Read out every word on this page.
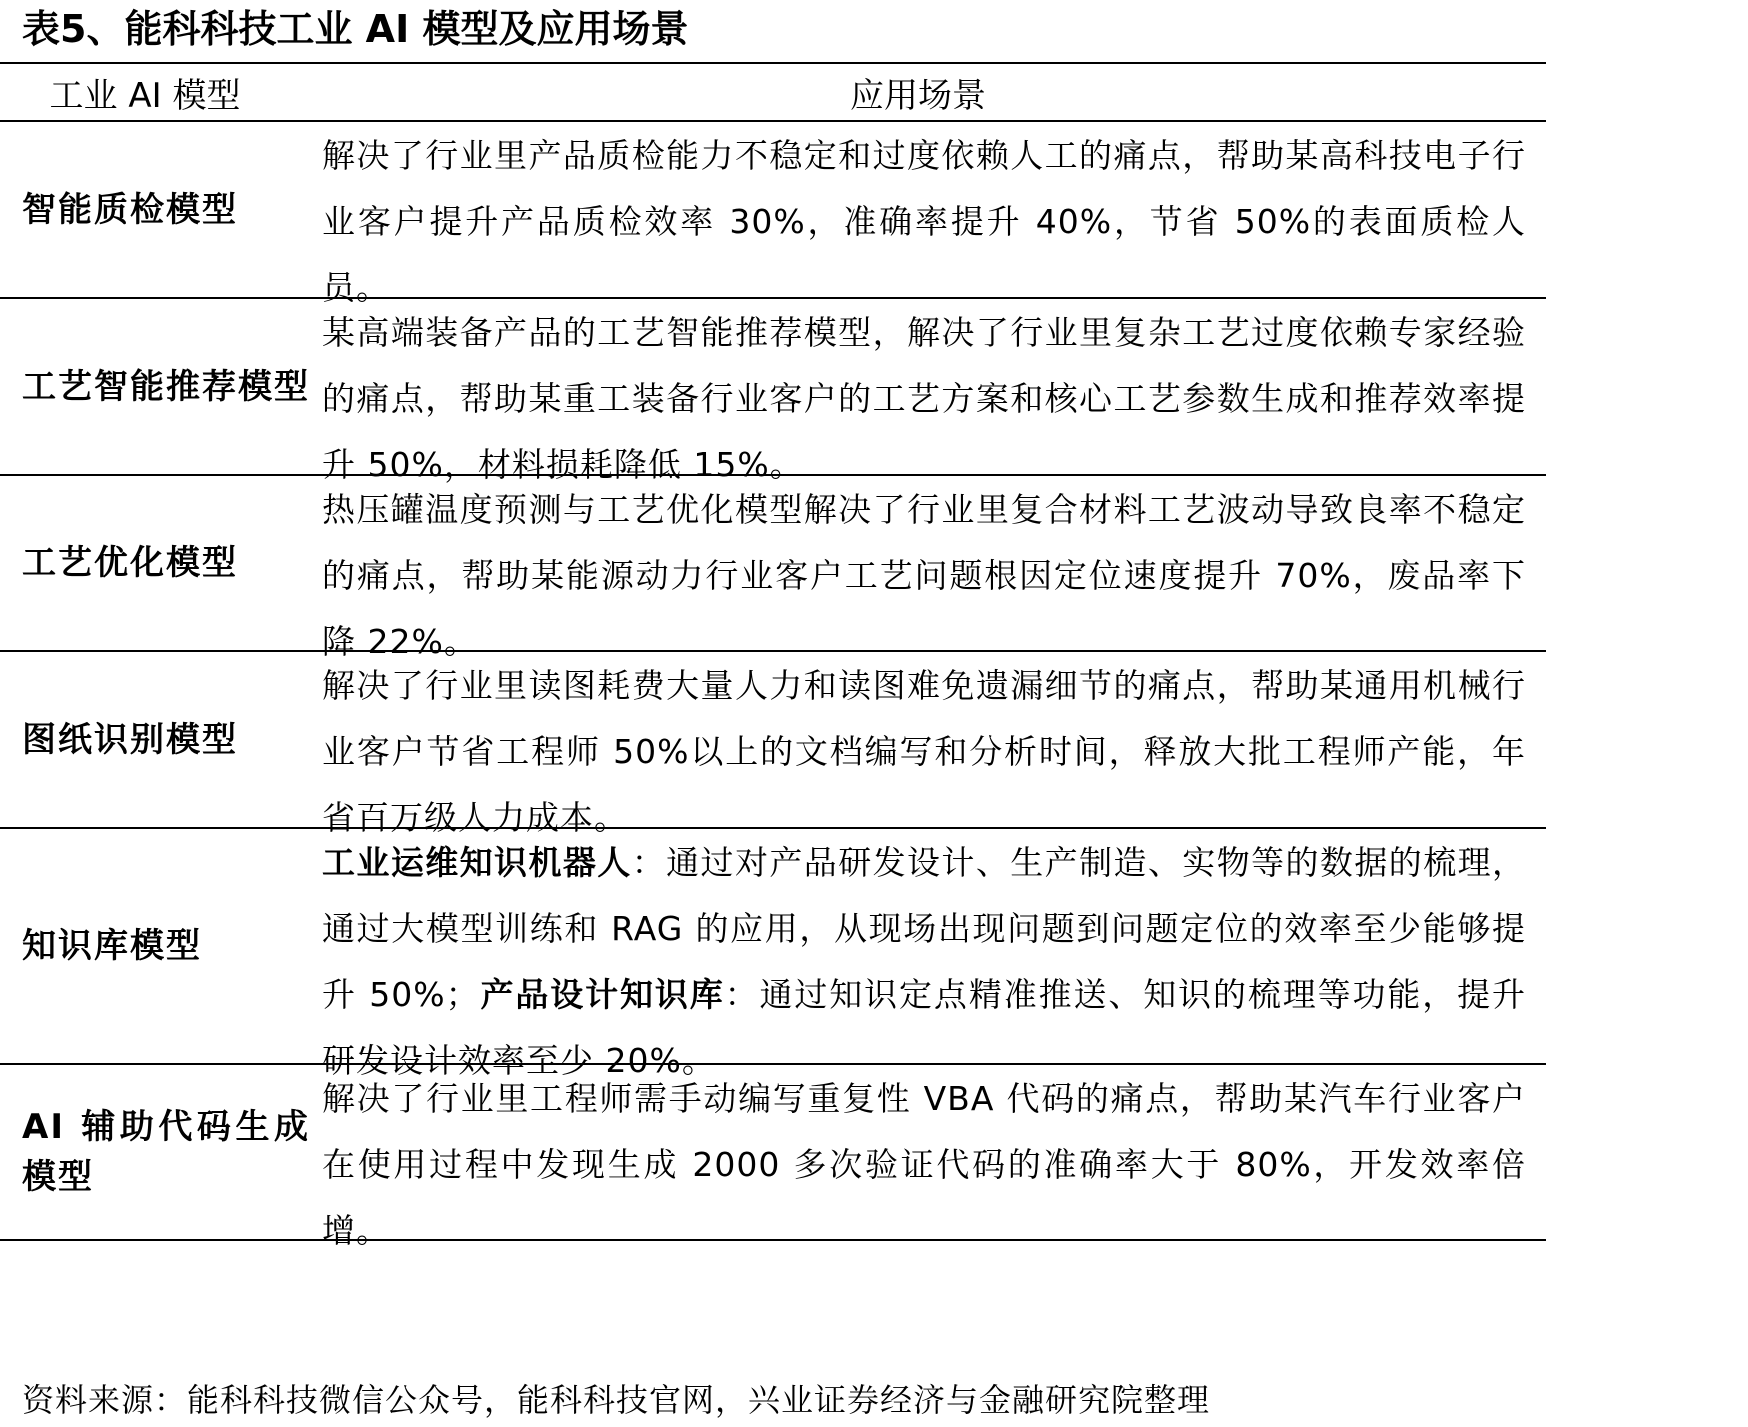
表5、能科科技工业 AI 模型及应用场景
工业 AI 模型	应用场景
智能质检模型
解决了行业里产品质检能力不稳定和过度依赖人工的痛点，帮助某高科技电子行业客户提升产品质检效率 30%，准确率提升 40%，节省 50%的表面质检人员。
工艺智能推荐模型
某高端装备产品的工艺智能推荐模型，解决了行业里复杂工艺过度依赖专家经验的痛点，帮助某重工装备行业客户的工艺方案和核心工艺参数生成和推荐效率提升 50%，材料损耗降低 15%。
工艺优化模型
热压罐温度预测与工艺优化模型解决了行业里复合材料工艺波动导致良率不稳定的痛点，帮助某能源动力行业客户工艺问题根因定位速度提升 70%，废品率下降 22%。
图纸识别模型
解决了行业里读图耗费大量人力和读图难免遗漏细节的痛点，帮助某通用机械行业客户节省工程师 50%以上的文档编写和分析时间，释放大批工程师产能，年省百万级人力成本。
知识库模型
工业运维知识机器人：通过对产品研发设计、生产制造、实物等的数据的梳理，通过大模型训练和 RAG 的应用，从现场出现问题到问题定位的效率至少能够提升 50%；产品设计知识库：通过知识定点精准推送、知识的梳理等功能，提升研发设计效率至少 20%。
AI 辅助代码生成模型
解决了行业里工程师需手动编写重复性 VBA 代码的痛点，帮助某汽车行业客户在使用过程中发现生成 2000 多次验证代码的准确率大于 80%，开发效率倍增。
资料来源：能科科技微信公众号，能科科技官网，兴业证券经济与金融研究院整理
